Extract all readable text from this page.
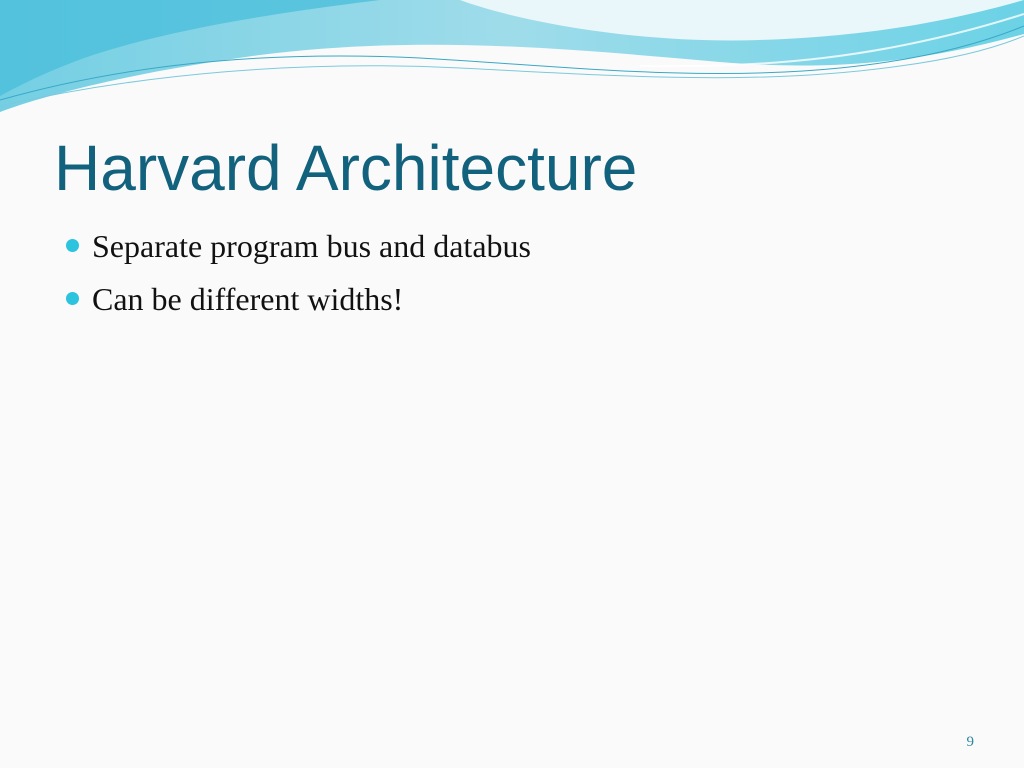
Harvard Architecture
Separate program bus and databus
Can be different widths!
9
